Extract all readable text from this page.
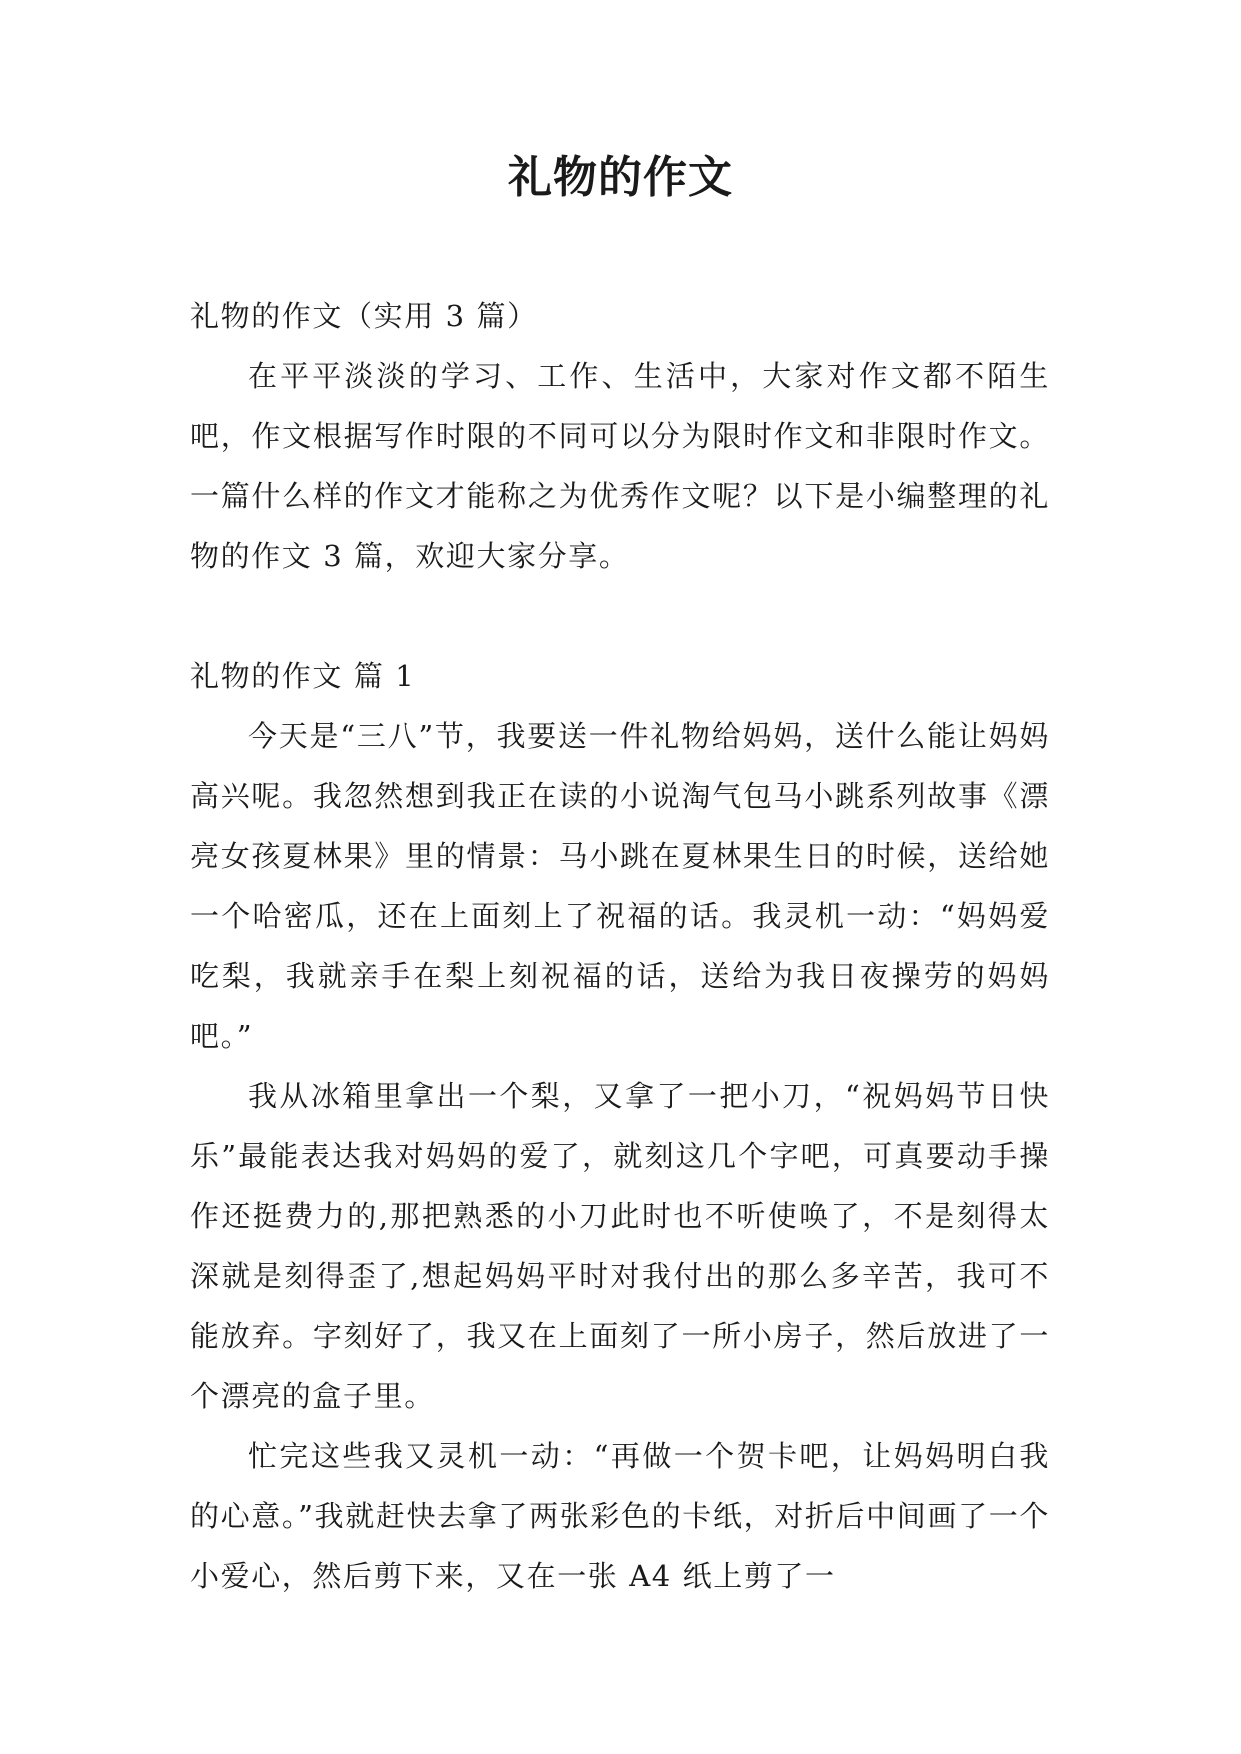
礼物的作文

礼物的作文（实用 3 篇）

在平平淡淡的学习、工作、生活中，大家对作文都不陌生吧，作文根据写作时限的不同可以分为限时作文和非限时作文。一篇什么样的作文才能称之为优秀作文呢？以下是小编整理的礼物的作文 3 篇，欢迎大家分享。

礼物的作文 篇 1

今天是“三八”节，我要送一件礼物给妈妈，送什么能让妈妈高兴呢。我忽然想到我正在读的小说淘气包马小跳系列故事《漂亮女孩夏林果》里的情景：马小跳在夏林果生日的时候，送给她一个哈密瓜，还在上面刻上了祝福的话。我灵机一动：“妈妈爱吃梨，我就亲手在梨上刻祝福的话，送给为我日夜操劳的妈妈吧。”

我从冰箱里拿出一个梨，又拿了一把小刀，“祝妈妈节日快乐”最能表达我对妈妈的爱了，就刻这几个字吧，可真要动手操作还挺费力的,那把熟悉的小刀此时也不听使唤了，不是刻得太深就是刻得歪了,想起妈妈平时对我付出的那么多辛苦，我可不能放弃。字刻好了，我又在上面刻了一所小房子，然后放进了一个漂亮的盒子里。

忙完这些我又灵机一动：“再做一个贺卡吧，让妈妈明白我的心意。”我就赶快去拿了两张彩色的卡纸，对折后中间画了一个小爱心，然后剪下来，又在一张 A4 纸上剪了一
